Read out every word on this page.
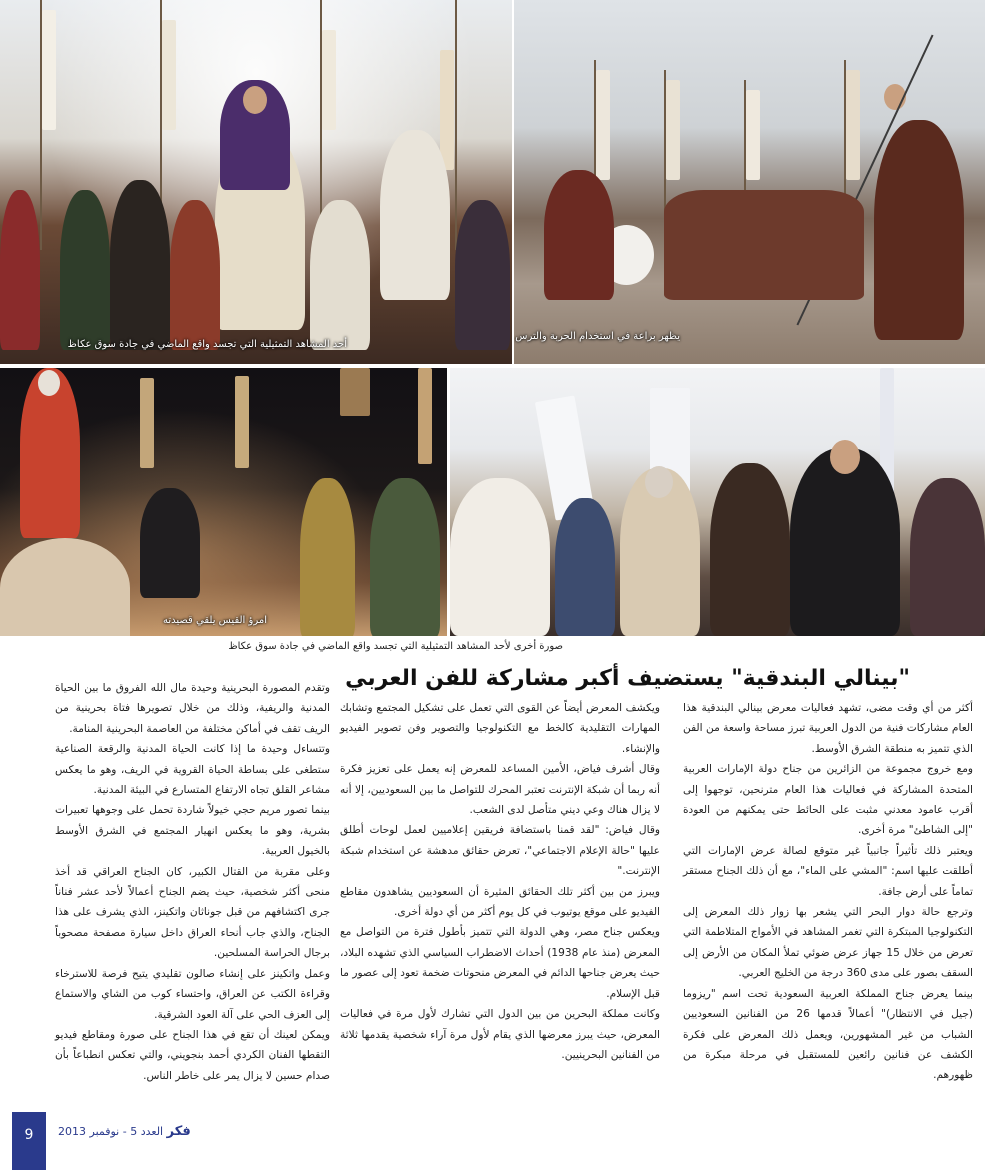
أحد المشاهد التمثيلية التي تجسد واقع الماضي في جادة سوق عكاظ
يظهر براعة في استخدام الحربة والترس
امرؤ القيس يلقي قصيدته
صورة أخرى لأحد المشاهد التمثيلية التي تجسد واقع الماضي في جادة سوق عكاظ
"بينالي البندقية" يستضيف أكبر مشاركة للفن العربي

أكثر من أي وقت مضى، تشهد فعاليات معرض بينالي البندقية هذا العام مشاركات فنية من الدول العربية تبرز مساحة واسعة من الفن الذي تتميز به منطقة الشرق الأوسط.

ومع خروج مجموعة من الزائرين من جناح دولة الإمارات العربية المتحدة المشاركة في فعاليات هذا العام مترنحين، توجهوا إلى أقرب عامود معدني مثبت على الحائط حتى يمكنهم من العودة "إلى الشاطئ" مرة أخرى.

ويعتبر ذلك تأثيراً جانبياً غير متوقع لصالة عرض الإمارات التي أطلقت عليها اسم: "المشي على الماء"، مع أن ذلك الجناح مستقر تماماً على أرض جافة.

وترجع حالة دوار البحر التي يشعر بها زوار ذلك المعرض إلى التكنولوجيا المبتكرة التي تغمر المشاهد في الأمواج المتلاطمة التي تعرض من خلال 15 جهاز عرض ضوئي تملأ المكان من الأرض إلى السقف بصور على مدى 360 درجة من الخليج العربي.

بينما يعرض جناح المملكة العربية السعودية تحت اسم "ريزوما (جيل في الانتظار)" أعمالاً قدمها 26 من الفنانين السعوديين الشباب من غير المشهورين، ويعمل ذلك المعرض على فكرة الكشف عن فنانين رائعين للمستقبل في مرحلة مبكرة من ظهورهم.

ويكشف المعرض أيضاً عن القوى التي تعمل على تشكيل المجتمع وتشابك المهارات التقليدية كالخط مع التكنولوجيا والتصوير وفن تصوير الفيديو والإنشاء.

وقال أشرف فياض، الأمين المساعد للمعرض إنه يعمل على تعزيز فكرة أنه ربما أن شبكة الإنترنت تعتبر المحرك للتواصل ما بين السعوديين، إلا أنه لا يزال هناك وعي ديني متأصل لدى الشعب.

وقال فياض: "لقد قمنا باستضافة فريقين إعلاميين لعمل لوحات أطلق عليها "حالة الإعلام الاجتماعي"، تعرض حقائق مدهشة عن استخدام شبكة الإنترنت."

ويبرز من بين أكثر تلك الحقائق المثيرة أن السعوديين يشاهدون مقاطع الفيديو على موقع يوتيوب في كل يوم أكثر من أي دولة أخرى.

ويعكس جناح مصر، وهي الدولة التي تتميز بأطول فترة من التواصل مع المعرض (منذ عام 1938) أحداث الاضطراب السياسي الذي تشهده البلاد، حيث يعرض جناحها الدائم في المعرض منحوتات ضخمة تعود إلى عصور ما قبل الإسلام.

وكانت مملكة البحرين من بين الدول التي تشارك لأول مرة في فعاليات المعرض، حيث يبرز معرضها الذي يقام لأول مرة آراء شخصية يقدمها ثلاثة من الفنانين البحرينيين.

وتقدم المصورة البحرينية وحيدة مال الله الفروق ما بين الحياة المدنية والريفية، وذلك من خلال تصويرها فتاة بحرينية من الريف تقف في أماكن مختلفة من العاصمة البحرينية المنامة.

وتتساءل وحيدة ما إذا كانت الحياة المدنية والرقعة الصناعية ستطغى على بساطة الحياة القروية في الريف، وهو ما يعكس مشاعر القلق تجاه الارتفاع المتسارع في البيئة المدنية.

بينما تصور مريم حجي خيولاً شاردة تحمل على وجوهها تعبيرات بشرية، وهو ما يعكس انهيار المجتمع في الشرق الأوسط بالخيول العربية.

وعلى مقربة من القتال الكبير، كان الجناح العراقي قد أخذ منحى أكثر شخصية، حيث يضم الجناح أعمالاً لأحد عشر فناناً جرى اكتشافهم من قبل جوناثان واتكينز، الذي يشرف على هذا الجناح، والذي جاب أنحاء العراق داخل سيارة مصفحة مصحوباً برجال الحراسة المسلحين.

وعمل واتكينز على إنشاء صالون تقليدي يتيح فرصة للاسترخاء وقراءة الكتب عن العراق، واحتساء كوب من الشاي والاستماع إلى العزف الحي على آلة العود الشرقية.

ويمكن لعينك أن تقع في هذا الجناح على صورة ومقاطع فيديو التقطها الفنان الكردي أحمد بنجويني، والتي تعكس انطباعاً بأن صدام حسين لا يزال يمر على خاطر الناس.

9	فكر العدد 5 - نوفمبر 2013
